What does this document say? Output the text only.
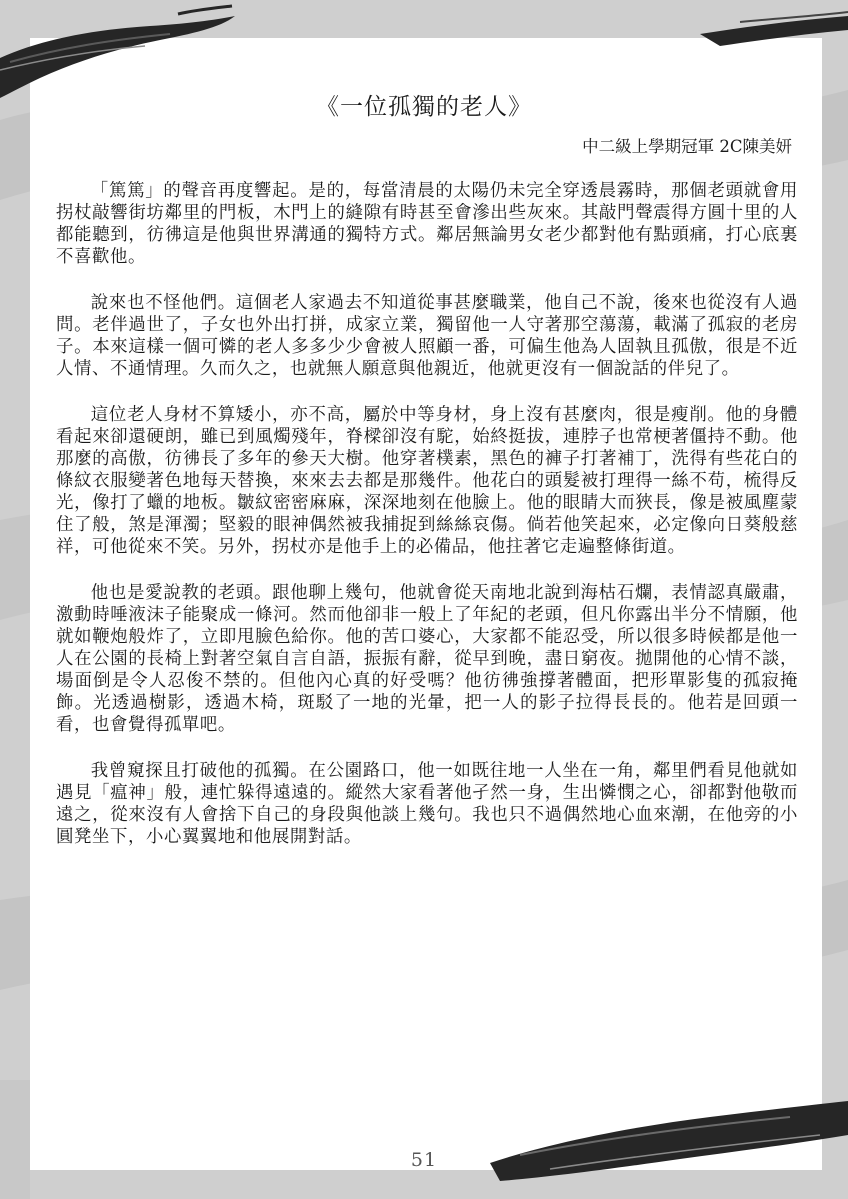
《一位孤獨的老人》
中二級上學期冠軍 2C陳美妍

「篤篤」的聲音再度響起。是的，每當清晨的太陽仍未完全穿透晨霧時，那個老頭就會用拐杖敲響街坊鄰里的門板，木門上的縫隙有時甚至會滲出些灰來。其敲門聲震得方圓十里的人都能聽到，彷彿這是他與世界溝通的獨特方式。鄰居無論男女老少都對他有點頭痛，打心底裏不喜歡他。

說來也不怪他們。這個老人家過去不知道從事甚麼職業，他自己不說，後來也從沒有人過問。老伴過世了，子女也外出打拼，成家立業，獨留他一人守著那空蕩蕩，載滿了孤寂的老房子。本來這樣一個可憐的老人多多少少會被人照顧一番，可偏生他為人固執且孤傲，很是不近人情、不通情理。久而久之，也就無人願意與他親近，他就更沒有一個說話的伴兒了。

這位老人身材不算矮小，亦不高，屬於中等身材，身上沒有甚麼肉，很是瘦削。他的身體看起來卻還硬朗，雖已到風燭殘年，脊樑卻沒有駝，始終挺拔，連脖子也常梗著僵持不動。他那麼的高傲，彷彿長了多年的參天大樹。他穿著樸素，黑色的褲子打著補丁，洗得有些花白的條紋衣服變著色地每天替換，來來去去都是那幾件。他花白的頭髮被打理得一絲不苟，梳得反光，像打了蠟的地板。皺紋密密麻麻，深深地刻在他臉上。他的眼睛大而狹長，像是被風塵蒙住了般，煞是渾濁；堅毅的眼神偶然被我捕捉到絲絲哀傷。倘若他笑起來，必定像向日葵般慈祥，可他從來不笑。另外，拐杖亦是他手上的必備品，他拄著它走遍整條街道。

他也是愛說教的老頭。跟他聊上幾句，他就會從天南地北說到海枯石爛，表情認真嚴肅，激動時唾液沫子能聚成一條河。然而他卻非一般上了年紀的老頭，但凡你露出半分不情願，他就如鞭炮般炸了，立即甩臉色給你。他的苦口婆心，大家都不能忍受，所以很多時候都是他一人在公園的長椅上對著空氣自言自語，振振有辭，從早到晚，盡日窮夜。拋開他的心情不談，場面倒是令人忍俊不禁的。但他內心真的好受嗎？他彷彿強撐著體面，把形單影隻的孤寂掩飾。光透過樹影，透過木椅，斑駁了一地的光暈，把一人的影子拉得長長的。他若是回頭一看，也會覺得孤單吧。

我曾窺探且打破他的孤獨。在公園路口，他一如既往地一人坐在一角，鄰里們看見他就如遇見「瘟神」般，連忙躲得遠遠的。縱然大家看著他孑然一身，生出憐憫之心，卻都對他敬而遠之，從來沒有人會捨下自己的身段與他談上幾句。我也只不過偶然地心血來潮，在他旁的小圓凳坐下，小心翼翼地和他展開對話。

51
